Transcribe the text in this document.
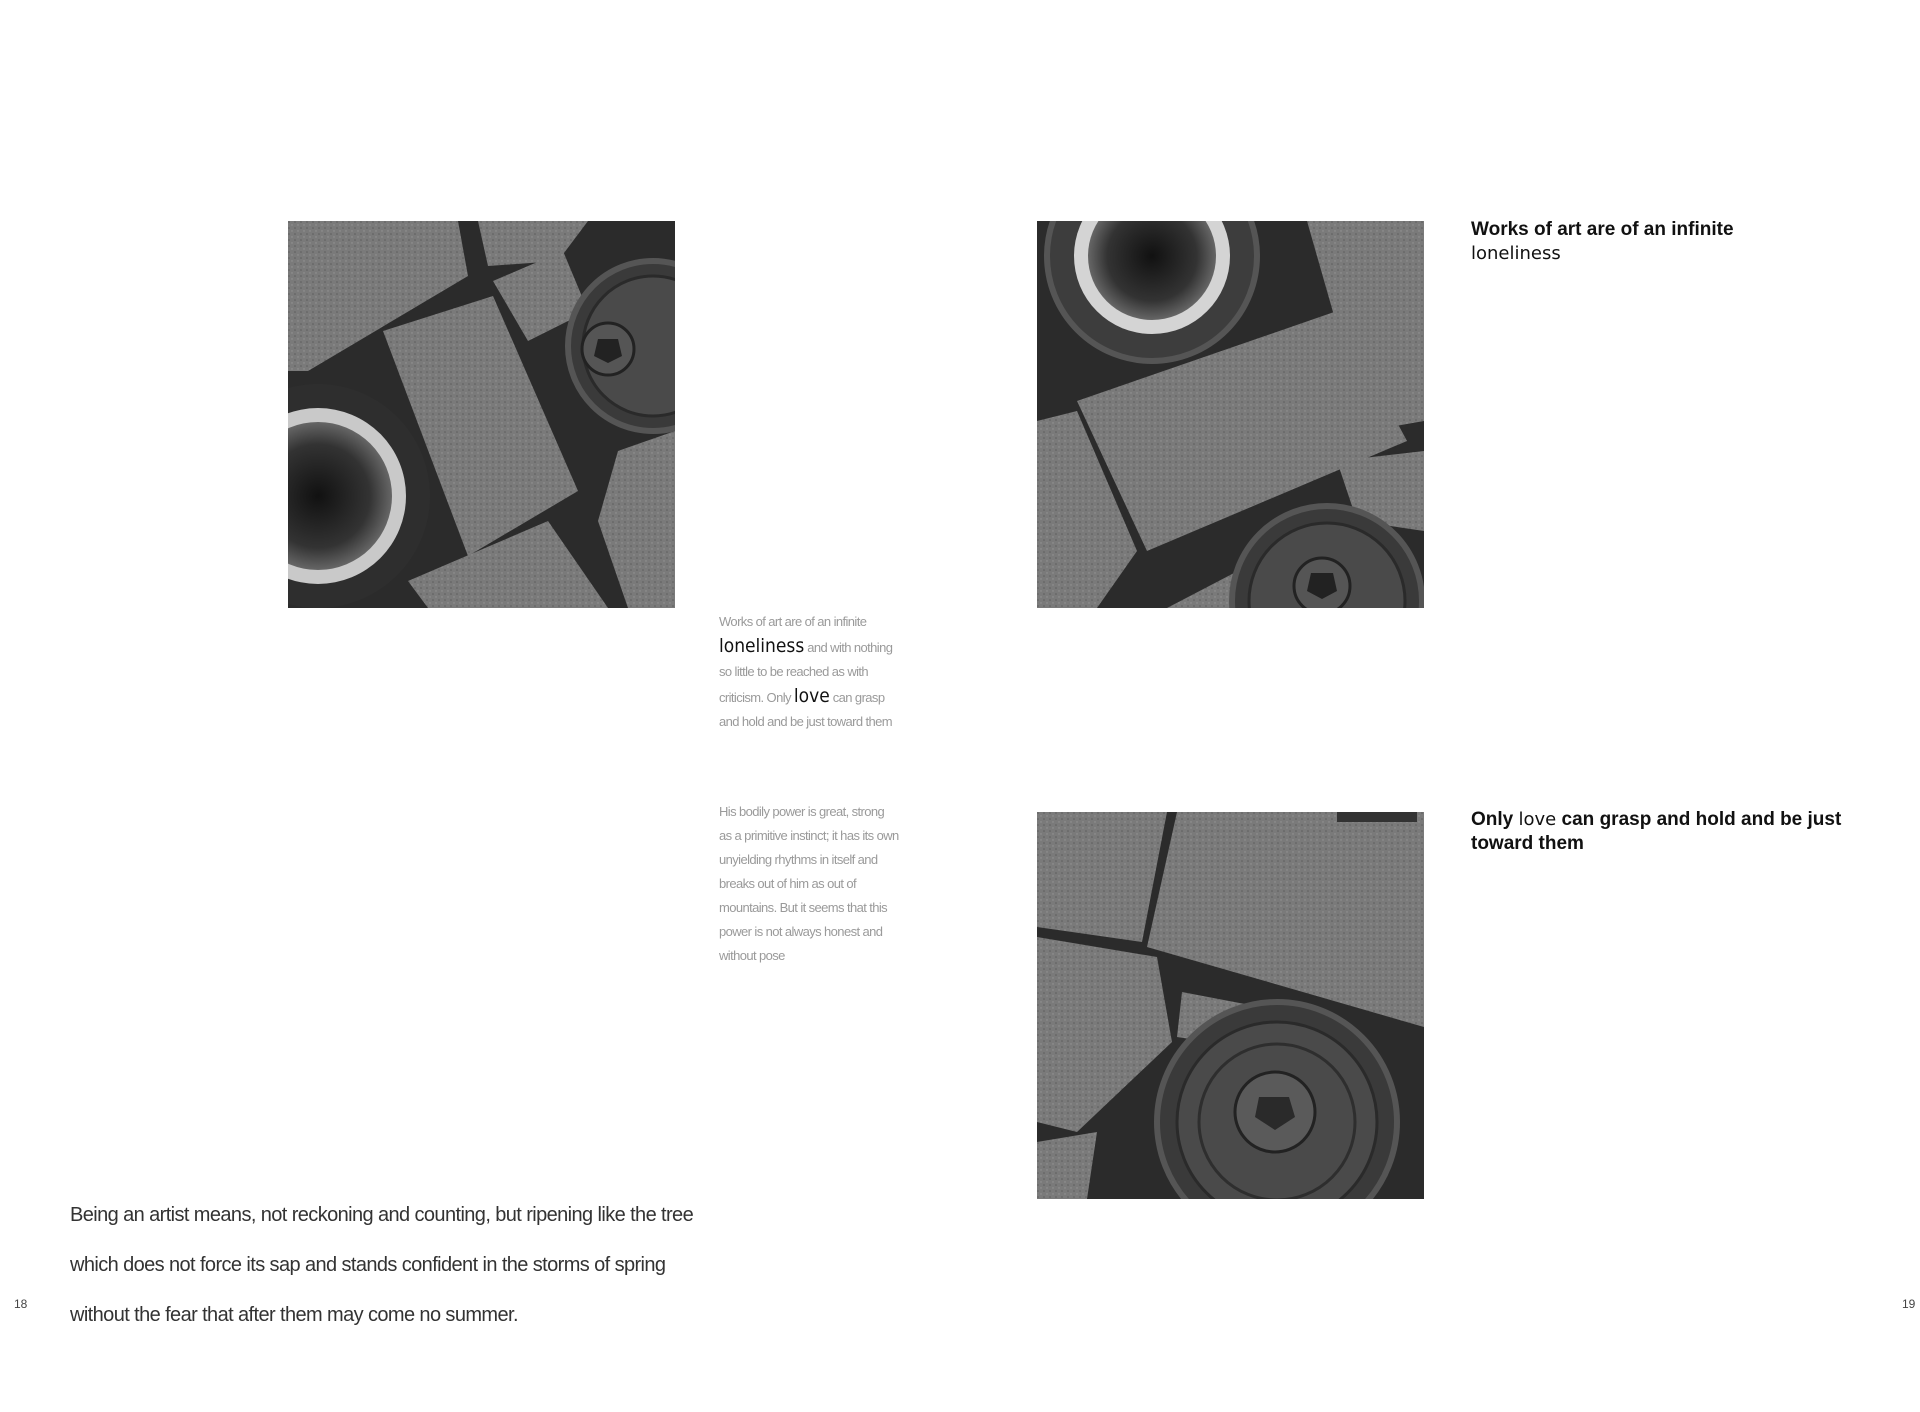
Works of art are of an infinite loneliness and with nothing so little to be reached as with criticism. Only love can grasp and hold and be just toward them
His bodily power is great, strong as a primitive instinct; it has its own unyielding rhythms in itself and breaks out of him as out of mountains. But it seems that this power is not always honest and without pose
Being an artist means, not reckoning and counting, but ripening like the tree which does not force its sap and stands confident in the storms of spring without the fear that after them may come no summer.
18
Works of art are of an infinite
loneliness
Only love can grasp and hold and be just toward them
19
